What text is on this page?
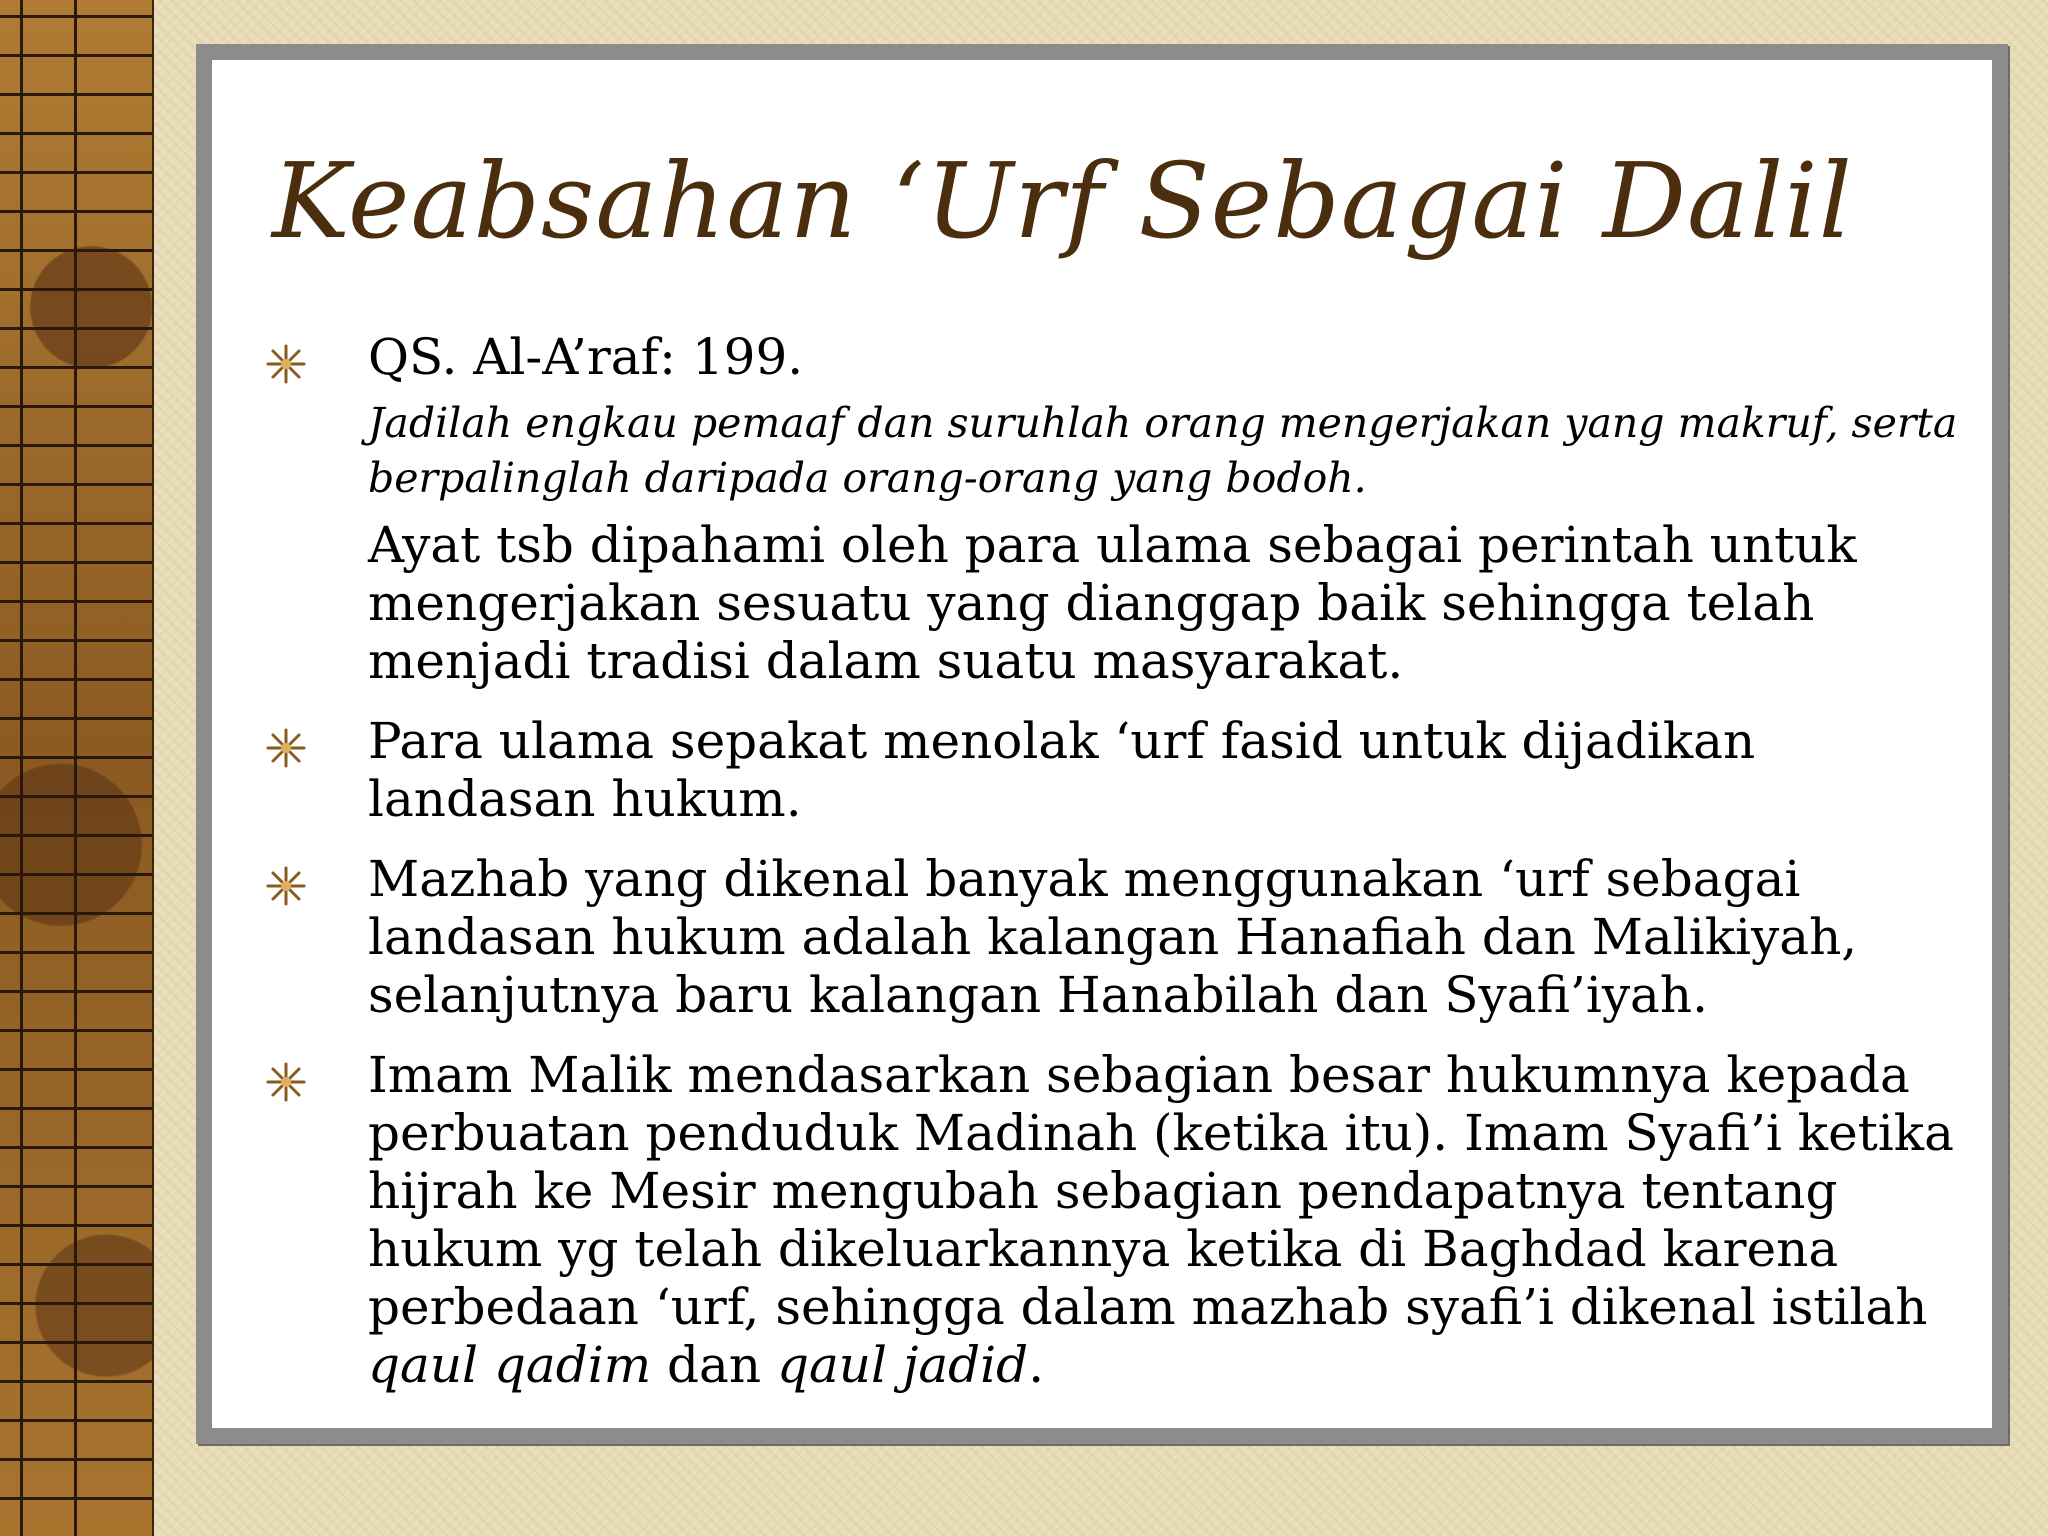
Keabsahan ‘Urf Sebagai Dalil
QS. Al-A’raf: 199.
Jadilah engkau pemaaf dan suruhlah orang mengerjakan yang makruf, serta berpalinglah daripada orang-orang yang bodoh.
Ayat tsb dipahami oleh para ulama sebagai perintah untuk mengerjakan sesuatu yang dianggap baik sehingga telah menjadi tradisi dalam suatu masyarakat.
Para ulama sepakat menolak ‘urf fasid untuk dijadikan landasan hukum.
Mazhab yang dikenal banyak menggunakan ‘urf sebagai landasan hukum adalah kalangan Hanafiah dan Malikiyah, selanjutnya baru kalangan Hanabilah dan Syafi’iyah.
Imam Malik mendasarkan sebagian besar hukumnya kepada perbuatan penduduk Madinah (ketika itu). Imam Syafi’i ketika hijrah ke Mesir mengubah sebagian pendapatnya tentang hukum yg telah dikeluarkannya ketika di Baghdad karena perbedaan ‘urf, sehingga dalam mazhab syafi’i dikenal istilah qaul qadim dan qaul jadid.
